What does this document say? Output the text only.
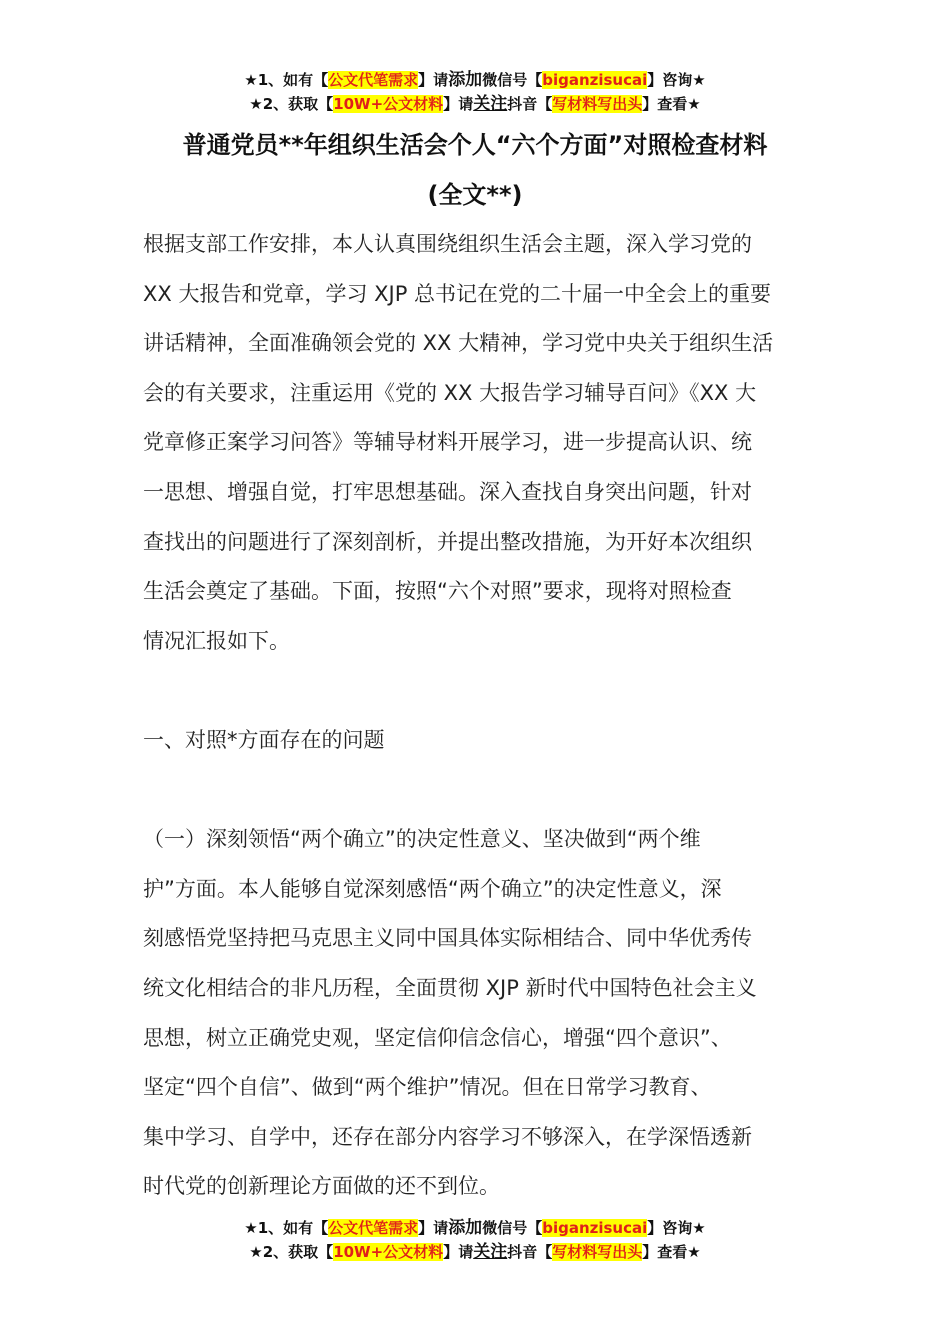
★1、如有【公文代笔需求】请添加微信号【biganzisucai】咨询★
★2、获取【10W+公文材料】请关注抖音【写材料写出头】查看★
普通党员**年组织生活会个人“六个方面”对照检查材料
(全文**)

根据支部工作安排，本人认真围绕组织生活会主题，深入学习党的
XX 大报告和党章，学习 XJP 总书记在党的二十届一中全会上的重要
讲话精神，全面准确领会党的 XX 大精神，学习党中央关于组织生活
会的有关要求，注重运用《党的 XX 大报告学习辅导百问》《XX 大
党章修正案学习问答》等辅导材料开展学习，进一步提高认识、统
一思想、增强自觉，打牢思想基础。深入查找自身突出问题，针对
查找出的问题进行了深刻剖析，并提出整改措施，为开好本次组织
生活会奠定了基础。下面，按照“六个对照”要求，现将对照检查
情况汇报如下。

一、对照*方面存在的问题

（一）深刻领悟“两个确立”的决定性意义、坚决做到“两个维
护”方面。本人能够自觉深刻感悟“两个确立”的决定性意义，深
刻感悟党坚持把马克思主义同中国具体实际相结合、同中华优秀传
统文化相结合的非凡历程，全面贯彻 XJP 新时代中国特色社会主义
思想，树立正确党史观，坚定信仰信念信心，增强“四个意识”、
坚定“四个自信”、做到“两个维护”情况。但在日常学习教育、
集中学习、自学中，还存在部分内容学习不够深入，在学深悟透新
时代党的创新理论方面做的还不到位。

★1、如有【公文代笔需求】请添加微信号【biganzisucai】咨询★
★2、获取【10W+公文材料】请关注抖音【写材料写出头】查看★
